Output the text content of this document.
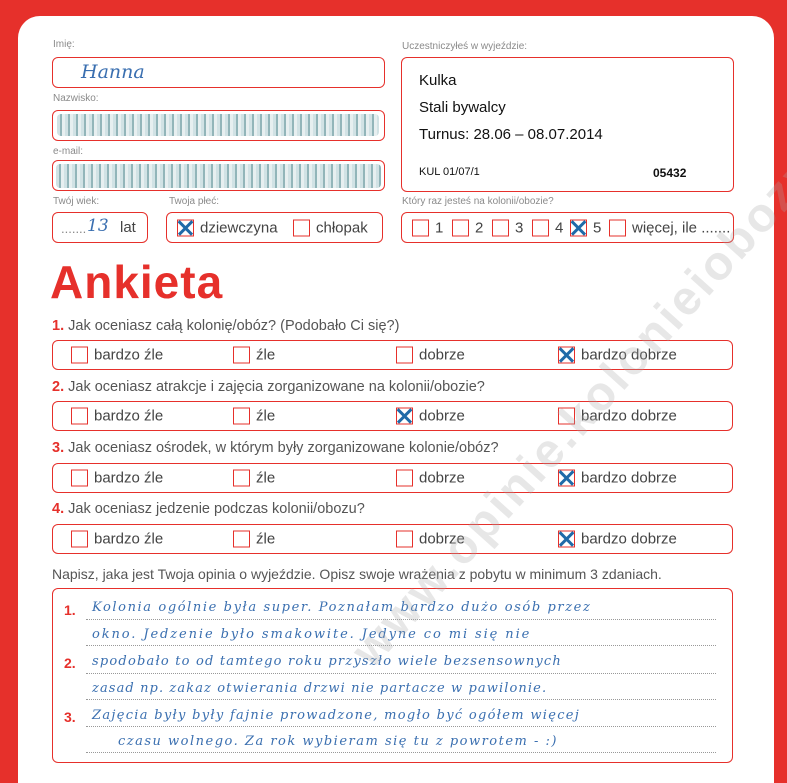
Imię:
Hanna
Nazwisko:
e-mail:
Uczestniczyłeś w wyjeździe:
Kulka
Stali bywalcy
Turnus: 28.06 – 08.07.2014
KUL 01/07/1	05432
Twój wiek:
....... 13 lat
Twoja płeć:
dziewczyna	chłopak
Który raz jesteś na kolonii/obozie?
1 2 3 4 5 więcej, ile .......
Ankieta
1. Jak oceniasz całą kolonię/obóz? (Podobało Ci się?)
bardzo źle	źle	dobrze	bardzo dobrze
2. Jak oceniasz atrakcje i zajęcia zorganizowane na kolonii/obozie?
bardzo źle	źle	dobrze	bardzo dobrze
3. Jak oceniasz ośrodek, w którym były zorganizowane kolonie/obóz?
bardzo źle	źle	dobrze	bardzo dobrze
4. Jak oceniasz jedzenie podczas kolonii/obozu?
bardzo źle	źle	dobrze	bardzo dobrze
Napisz, jaka jest Twoja opinia o wyjeździe. Opisz swoje wrażenia z pobytu w minimum 3 zdaniach.
1.
2.
3.
Kolonia ogólnie była super. Poznałam bardzo dużo osób przez
okno. Jedzenie było smakowite. Jedyne co mi się nie
spodobało to od tamtego roku przyszło wiele bezsensownych
zasad np. zakaz otwierania drzwi nie partacze w pawilonie.
Zajęcia były były fajnie prowadzone, mogło być ogółem więcej
czasu wolnego. Za rok wybieram się tu z powrotem - :)
